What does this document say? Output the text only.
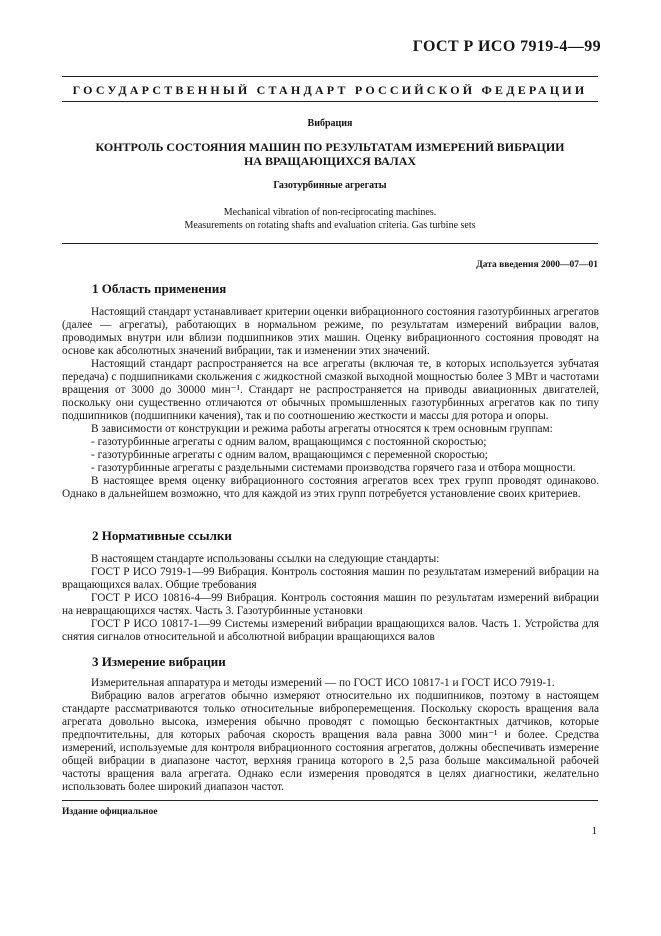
ГОСТ Р ИСО 7919-4—99
ГОСУДАРСТВЕННЫЙ СТАНДАРТ РОССИЙСКОЙ ФЕДЕРАЦИИ
Вибрация
КОНТРОЛЬ СОСТОЯНИЯ МАШИН ПО РЕЗУЛЬТАТАМ ИЗМЕРЕНИЙ ВИБРАЦИИ
НА ВРАЩАЮЩИХСЯ ВАЛАХ
Газотурбинные агрегаты
Mechanical vibration of non-reciprocating machines.
Measurements on rotating shafts and evaluation criteria. Gas turbine sets
Дата введения 2000—07—01
1 Область применения

Настоящий стандарт устанавливает критерии оценки вибрационного состояния газотурбинных агрегатов (далее — агрегаты), работающих в нормальном режиме, по результатам измерений вибрации валов, проводимых внутри или вблизи подшипников этих машин. Оценку вибрационного состояния проводят на основе как абсолютных значений вибрации, так и изменении этих значений.

Настоящий стандарт распространяется на все агрегаты (включая те, в которых используется зубчатая передача) с подшипниками скольжения с жидкостной смазкой выходной мощностью более 3 МВт и частотами вращения от 3000 до 30000 мин⁻¹. Стандарт не распространяется на приводы авиационных двигателей, поскольку они существенно отличаются от обычных промышленных газотурбинных агрегатов как по типу подшипников (подшипники качения), так и по соотношению жесткости и массы для ротора и опоры.

В зависимости от конструкции и режима работы агрегаты относятся к трем основным группам:

- газотурбинные агрегаты с одним валом, вращающимся с постоянной скоростью;

- газотурбинные агрегаты с одним валом, вращающимся с переменной скоростью;

- газотурбинные агрегаты с раздельными системами производства горячего газа и отбора мощности.

В настоящее время оценку вибрационного состояния агрегатов всех трех групп проводят одинаково. Однако в дальнейшем возможно, что для каждой из этих групп потребуется установление своих критериев.

2 Нормативные ссылки

В настоящем стандарте использованы ссылки на следующие стандарты:

ГОСТ Р ИСО 7919-1—99 Вибрация. Контроль состояния машин по результатам измерений вибрации на вращающихся валах. Общие требования

ГОСТ Р ИСО 10816-4—99 Вибрация. Контроль состояния машин по результатам измерений вибрации на невращающихся частях. Часть 3. Газотурбинные установки

ГОСТ Р ИСО 10817-1—99 Системы измерений вибрации вращающихся валов. Часть 1. Устройства для снятия сигналов относительной и абсолютной вибрации вращающихся валов

3 Измерение вибрации

Измерительная аппаратура и методы измерений — по ГОСТ ИСО 10817-1 и ГОСТ ИСО 7919-1.

Вибрацию валов агрегатов обычно измеряют относительно их подшипников, поэтому в настоящем стандарте рассматриваются только относительные виброперемещения. Поскольку скорость вращения вала агрегата довольно высока, измерения обычно проводят с помощью бесконтактных датчиков, которые предпочтительны, для которых рабочая скорость вращения вала равна 3000 мин⁻¹ и более. Средства измерений, используемые для контроля вибрационного состояния агрегатов, должны обеспечивать измерение общей вибрации в диапазоне частот, верхняя граница которого в 2,5 раза больше максимальной рабочей частоты вращения вала агрегата. Однако если измерения проводятся в целях диагностики, желательно использовать более широкий диапазон частот.

Издание официальное
1
